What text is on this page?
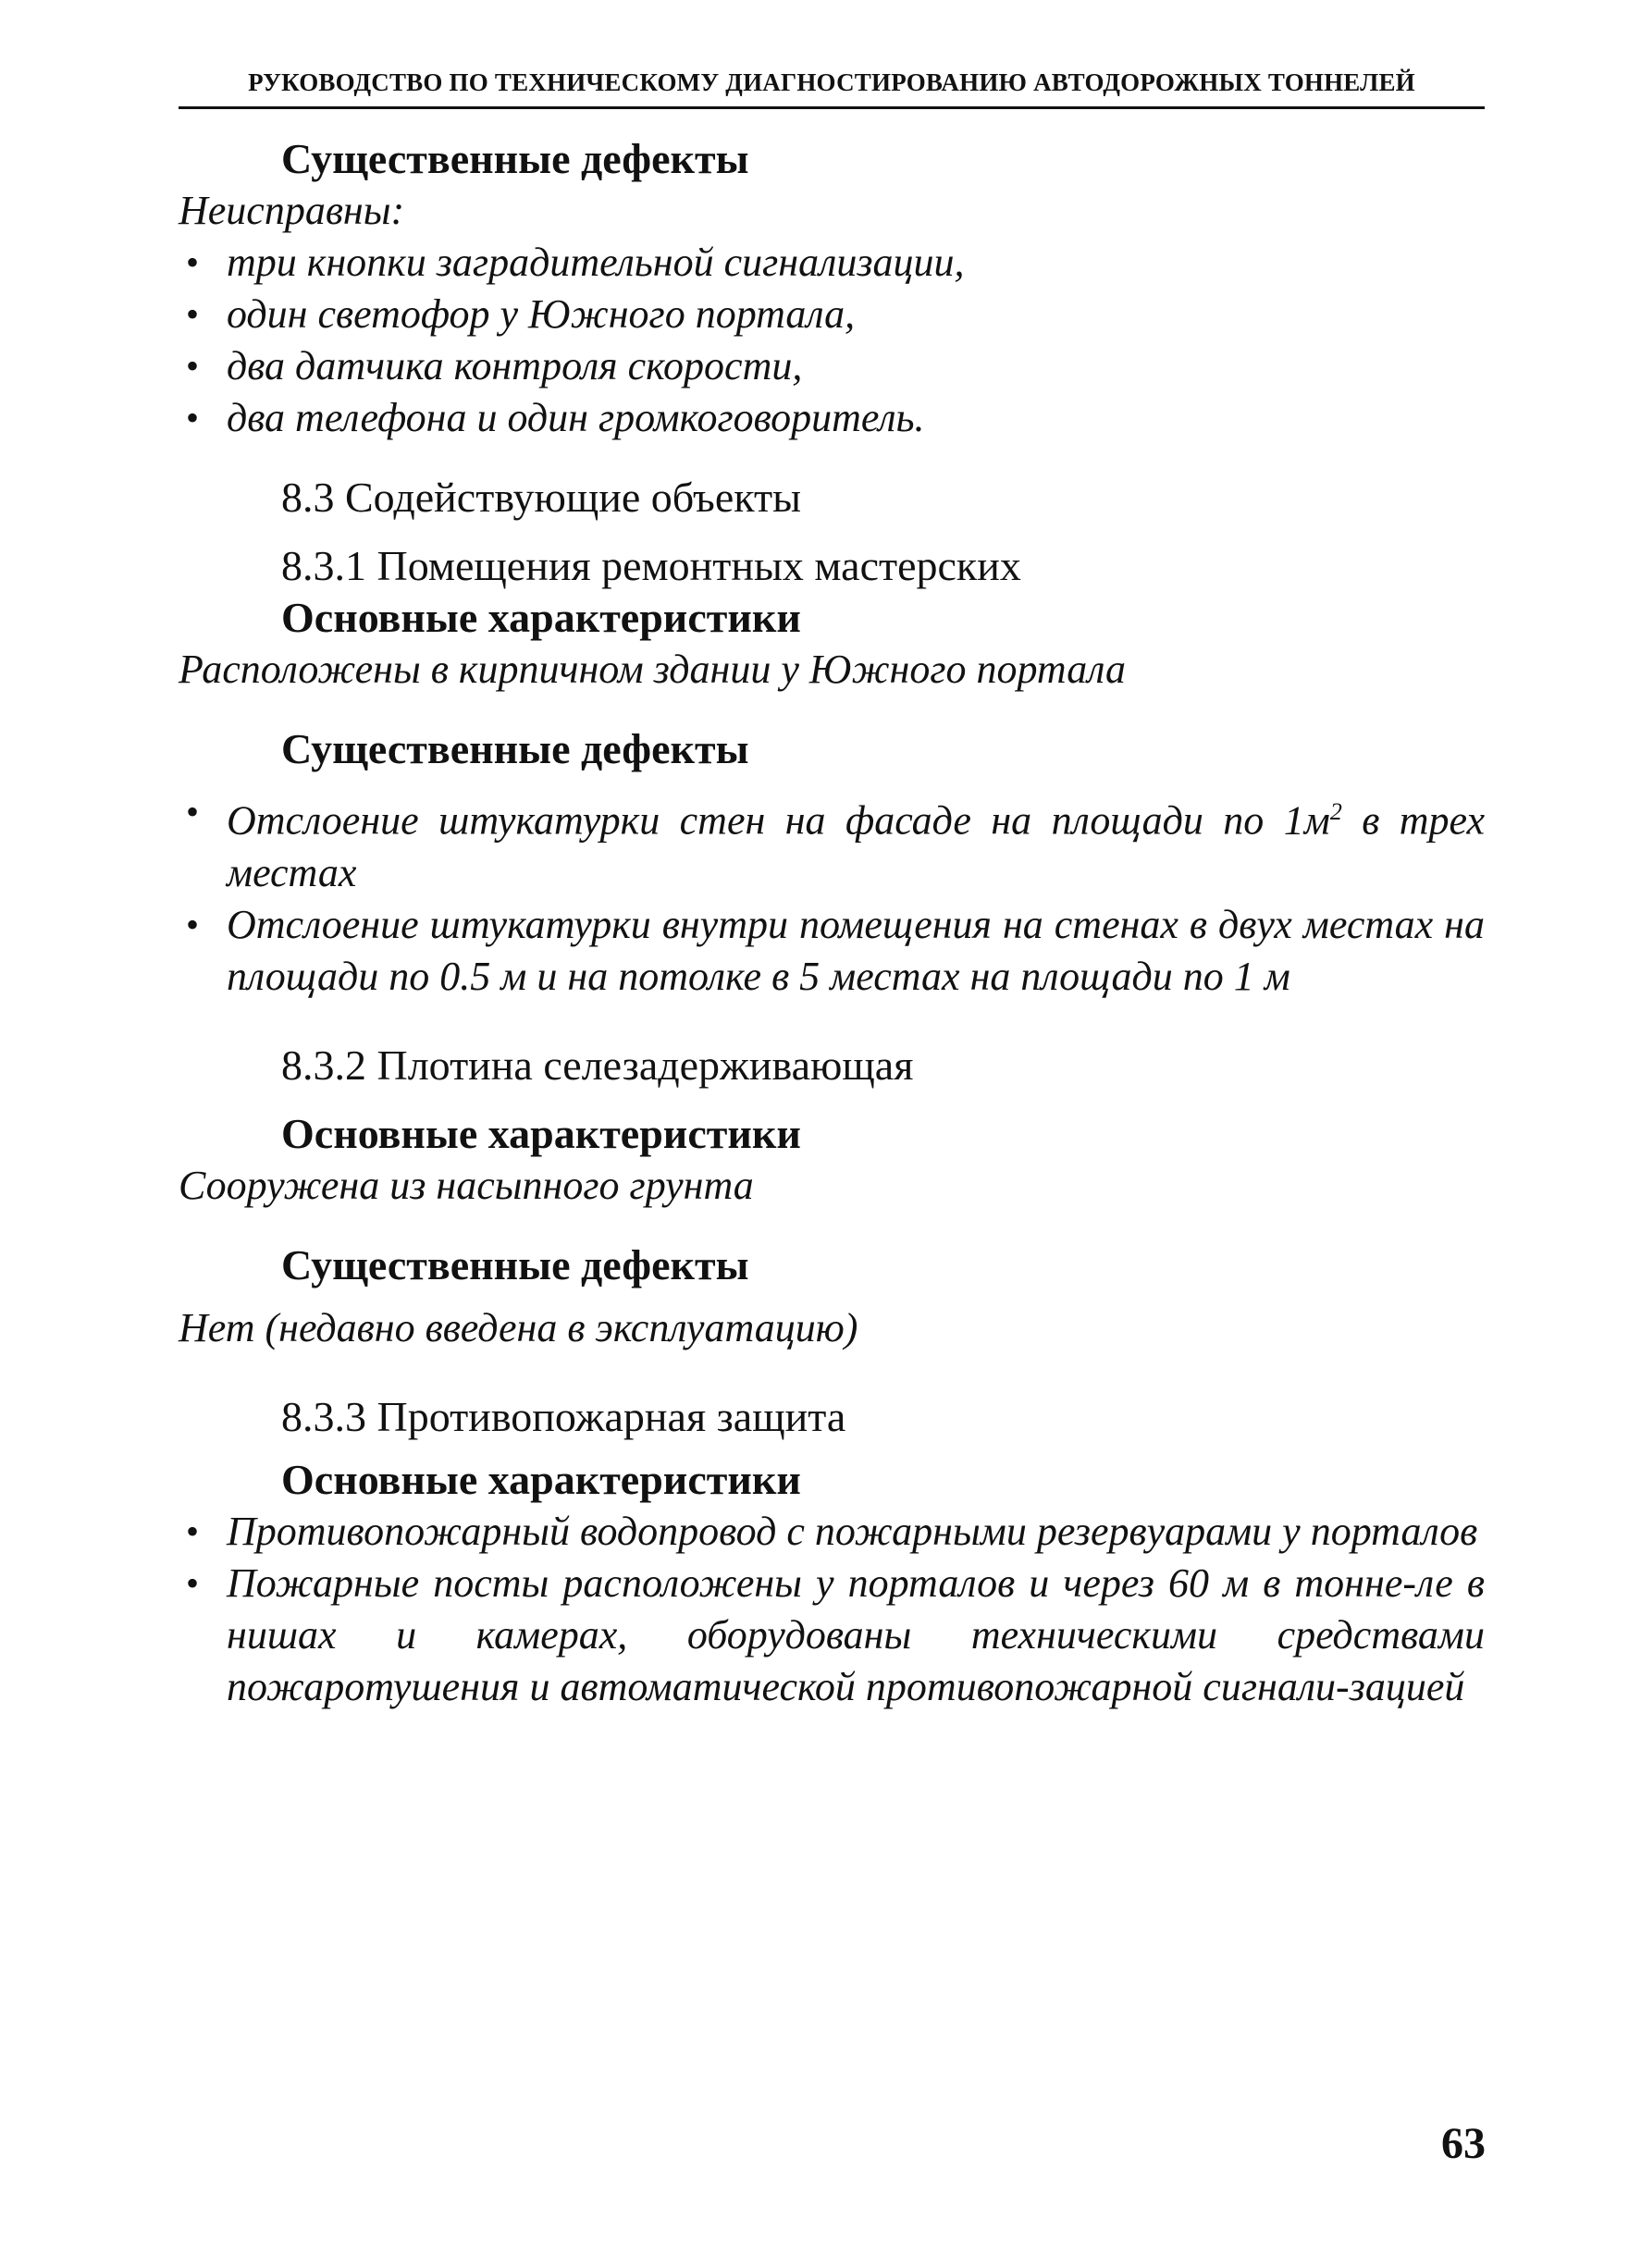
РУКОВОДСТВО ПО ТЕХНИЧЕСКОМУ ДИАГНОСТИРОВАНИЮ АВТОДОРОЖНЫХ ТОННЕЛЕЙ

Существенные дефекты

Неисправны:

• три кнопки заградительной сигнализации,
• один светофор у Южного портала,
• два датчика контроля скорости,
• два телефона и один громкоговоритель.

8.3 Содействующие объекты

8.3.1 Помещения ремонтных мастерских

Основные характеристики

Расположены в кирпичном здании у Южного портала

Существенные дефекты

• Отслоение штукатурки стен на фасаде на площади по $1м^2$ в трех местах
• Отслоение штукатурки внутри помещения на стенах в двух местах на площади по 0.5 м и на потолке в 5 местах на площади по 1 м

8.3.2 Плотина селезадерживающая

Основные характеристики

Сооружена из насыпного грунта

Существенные дефекты

Нет (недавно введена в эксплуатацию)

8.3.3 Противопожарная защита

Основные характеристики

• Противопожарный водопровод с пожарными резервуарами у порталов
• Пожарные посты расположены у порталов и через 60 м в тонне-ле в нишах и камерах, оборудованы техническими средствами пожаротушения и автоматической противопожарной сигнали-зацией
63
